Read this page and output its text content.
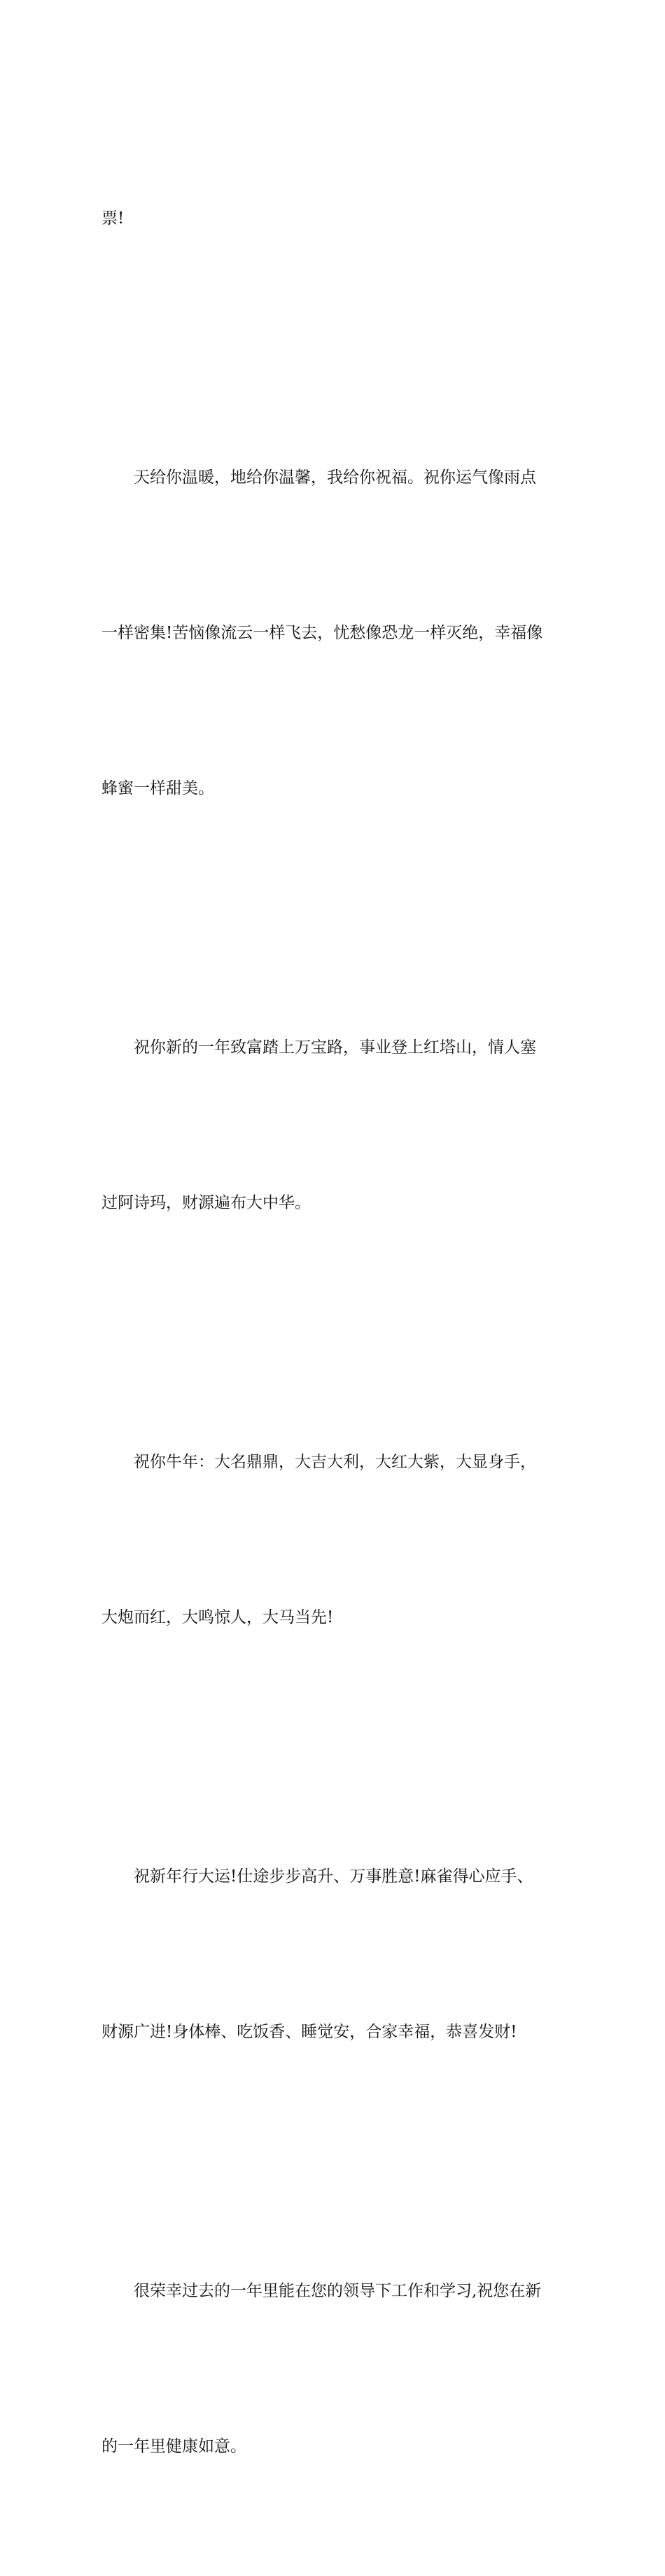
票!

天给你温暖，地给你温馨，我给你祝福。祝你运气像雨点

一样密集!苦恼像流云一样飞去，忧愁像恐龙一样灭绝，幸福像

蜂蜜一样甜美。

祝你新的一年致富踏上万宝路，事业登上红塔山，情人塞

过阿诗玛，财源遍布大中华。

祝你牛年：大名鼎鼎，大吉大利，大红大紫，大显身手，

大炮而红，大鸣惊人，大马当先!

祝新年行大运!仕途步步高升、万事胜意!麻雀得心应手、

财源广进!身体棒、吃饭香、睡觉安，合家幸福，恭喜发财!

很荣幸过去的一年里能在您的领导下工作和学习,祝您在新

的一年里健康如意。
